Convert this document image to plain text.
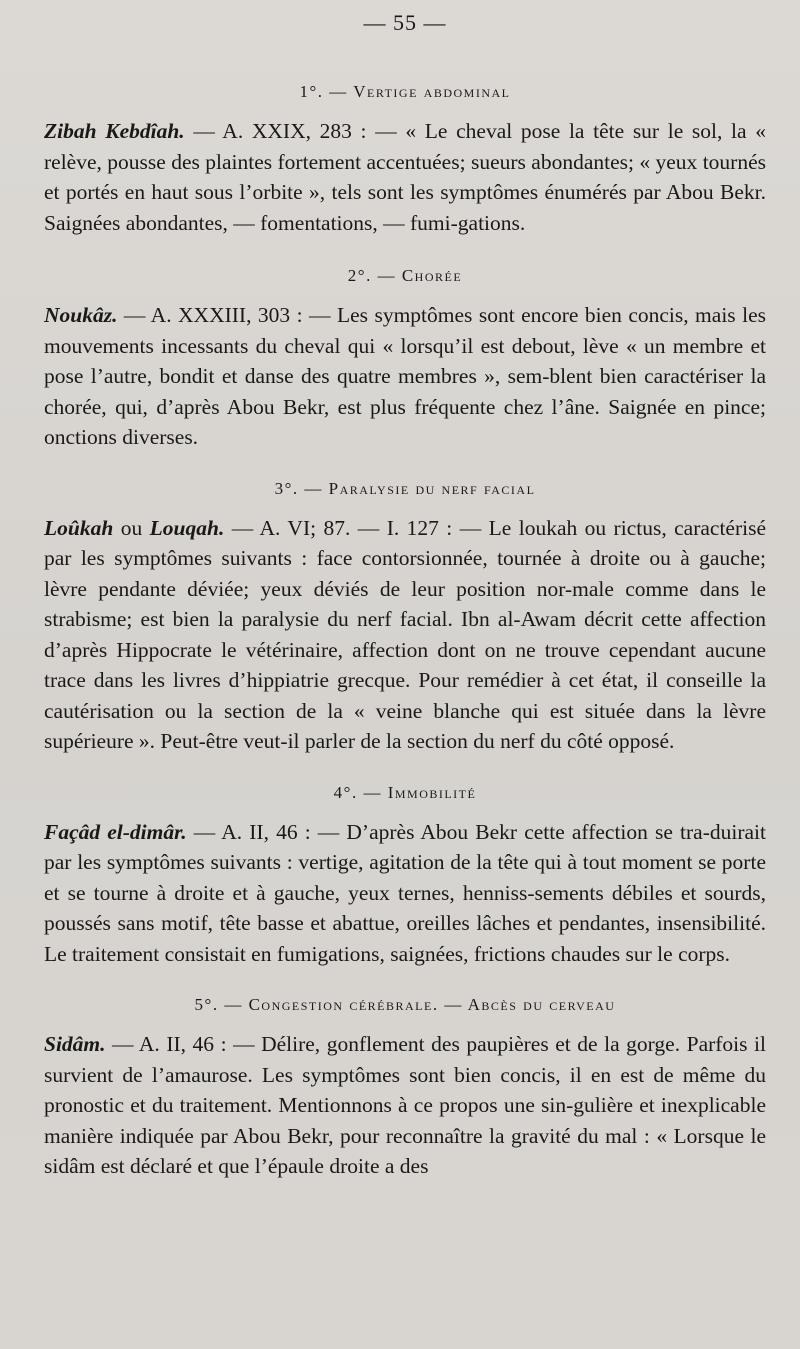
— 55 —
1°. — Vertige abdominal

Zibah Kebdîah. — A. XXIX, 283 : — « Le cheval pose la tête sur le sol, la « relève, pousse des plaintes fortement accentuées; sueurs abondantes; « yeux tournés et portés en haut sous l’orbite », tels sont les symptômes énumérés par Abou Bekr. Saignées abondantes, — fomentations, — fumi-gations.

2°. — Chorée

Noukâz. — A. XXXIII, 303 : — Les symptômes sont encore bien concis, mais les mouvements incessants du cheval qui « lorsqu’il est debout, lève « un membre et pose l’autre, bondit et danse des quatre membres », sem-blent bien caractériser la chorée, qui, d’après Abou Bekr, est plus fréquente chez l’âne. Saignée en pince; onctions diverses.

3°. — Paralysie du nerf facial

Loûkah ou Louqah. — A. VI; 87. — I. 127 : — Le loukah ou rictus, caractérisé par les symptômes suivants : face contorsionnée, tournée à droite ou à gauche; lèvre pendante déviée; yeux déviés de leur position nor-male comme dans le strabisme; est bien la paralysie du nerf facial. Ibn al-Awam décrit cette affection d’après Hippocrate le vétérinaire, affection dont on ne trouve cependant aucune trace dans les livres d’hippiatrie grecque. Pour remédier à cet état, il conseille la cautérisation ou la section de la « veine blanche qui est située dans la lèvre supérieure ». Peut-être veut-il parler de la section du nerf du côté opposé.

4°. — Immobilité

Façâd el-dimâr. — A. II, 46 : — D’après Abou Bekr cette affection se tra-duirait par les symptômes suivants : vertige, agitation de la tête qui à tout moment se porte et se tourne à droite et à gauche, yeux ternes, henniss-sements débiles et sourds, poussés sans motif, tête basse et abattue, oreilles lâches et pendantes, insensibilité. Le traitement consistait en fumigations, saignées, frictions chaudes sur le corps.

5°. — Congestion cérébrale. — Abcès du cerveau

Sidâm. — A. II, 46 : — Délire, gonflement des paupières et de la gorge. Parfois il survient de l’amaurose. Les symptômes sont bien concis, il en est de même du pronostic et du traitement. Mentionnons à ce propos une sin-gulière et inexplicable manière indiquée par Abou Bekr, pour reconnaître la gravité du mal : « Lorsque le sidâm est déclaré et que l’épaule droite a des
